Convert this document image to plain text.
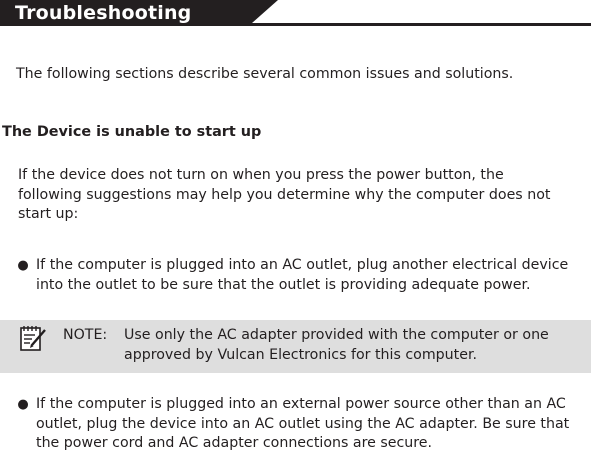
Troubleshooting
The following sections describe several common issues and solutions.
The Device is unable to start up
If the device does not turn on when you press the power button, the following suggestions may help you determine why the computer does not start up:
● If the computer is plugged into an AC outlet, plug another electrical device into the outlet to be sure that the outlet is providing adequate power.
NOTE: Use only the AC adapter provided with the computer or one approved by Vulcan Electronics for this computer.
● If the computer is plugged into an external power source other than an AC outlet, plug the device into an AC outlet using the AC adapter. Be sure that the power cord and AC adapter connections are secure.
